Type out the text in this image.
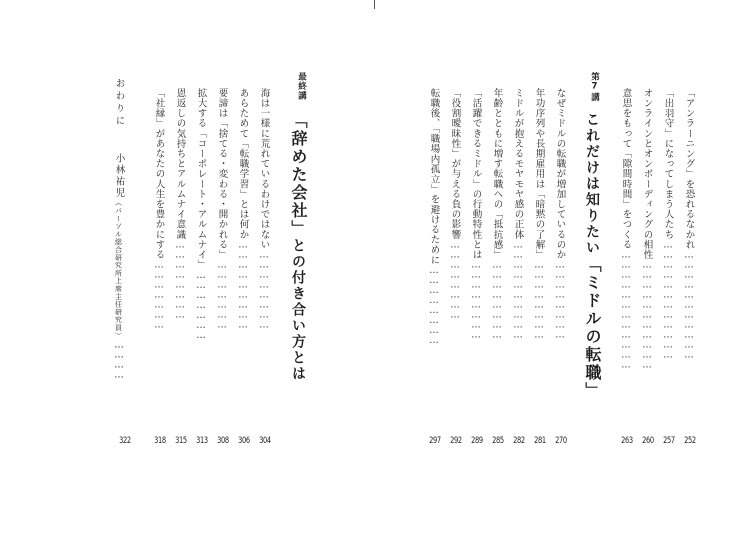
「アンラーニング」を恐れるなかれ……………………………
252
「出羽守」になってしまう人たち………………………………
257
オンラインとオンボーディングの相性……………………………
260
意思をもって「隙間時間」をつくる………………………………
263
第7講
これだけは知りたい「ミドルの転職」
なぜミドルの転職が増加しているのか……………………
270
年功序列や長期雇用は「暗黙の了解」……………………
281
ミドルが抱えるモヤモヤ感の正体…………………………
282
年齢とともに増す転職への「抵抗感」……………………
285
「活躍できるミドル」の行動特性とは……………………
289
「役割曖昧性」が与える負の影響……………………
292
転職後、「職場内孤立」を避けるために……………………
297
最終講
「辞めた会社」との付き合い方とは
海は一様に荒れているわけではない……………………
304
あらためて「転職学習」とは何か………………………
306
要諦は「捨てる・変わる・開かれる」…………………
308
拡大する「コーポレート・アルムナイ」…………………
313
恩返しの気持ちとアルムナイ意識……………………
315
「社縁」があなたの人生を豊かにする…………………
318
おわりに　　小林祐児（パーソル総合研究所上席主任研究員）…………
322
